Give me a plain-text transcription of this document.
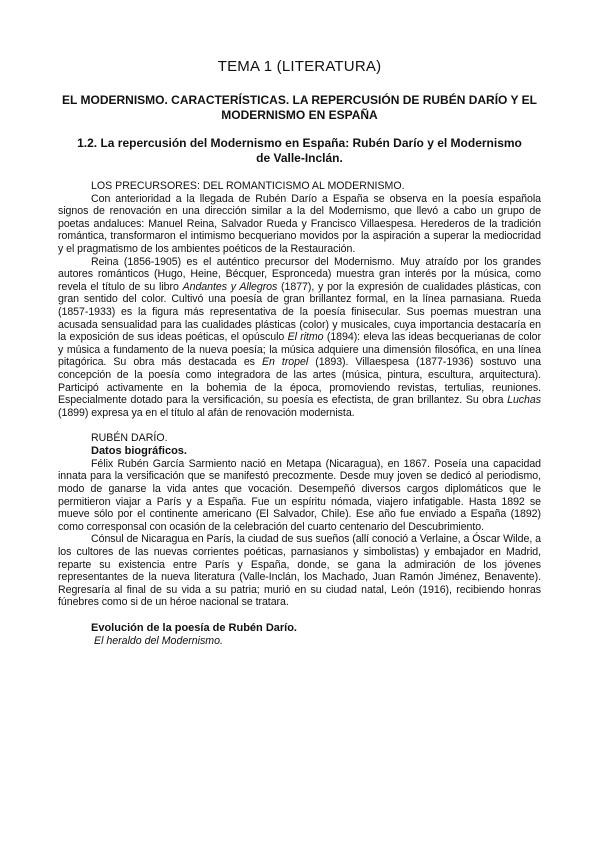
TEMA 1 (LITERATURA)
EL MODERNISMO. CARACTERÍSTICAS. LA REPERCUSIÓN DE RUBÉN DARÍO Y EL MODERNISMO EN ESPAÑA
1.2. La repercusión del Modernismo en España: Rubén Darío y el Modernismo de Valle-Inclán.
LOS PRECURSORES: DEL ROMANTICISMO AL MODERNISMO.

Con anterioridad a la llegada de Rubén Darío a España se observa en la poesía española signos de renovación en una dirección similar a la del Modernismo, que llevó a cabo un grupo de poetas andaluces: Manuel Reina, Salvador Rueda y Francisco Villaespesa. Herederos de la tradición romántica, transformaron el intimismo becqueriano movidos por la aspiración a superar la mediocridad y el pragmatismo de los ambientes poéticos de la Restauración.

Reina (1856-1905) es el auténtico precursor del Modernismo. Muy atraído por los grandes autores románticos (Hugo, Heine, Bécquer, Espronceda) muestra gran interés por la música, como revela el título de su libro Andantes y Allegros (1877), y por la expresión de cualidades plásticas, con gran sentido del color. Cultivó una poesía de gran brillantez formal, en la línea parnasiana. Rueda (1857-1933) es la figura más representativa de la poesía finisecular. Sus poemas muestran una acusada sensualidad para las cualidades plásticas (color) y musicales, cuya importancia destacaría en la exposición de sus ideas poéticas, el opúsculo El ritmo (1894): eleva las ideas becquerianas de color y música a fundamento de la nueva poesía; la música adquiere una dimensión filosófica, en una línea pitagórica. Su obra más destacada es En tropel (1893). Villaespesa (1877-1936) sostuvo una concepción de la poesía como integradora de las artes (música, pintura, escultura, arquitectura). Participó activamente en la bohemia de la época, promoviendo revistas, tertulias, reuniones. Especialmente dotado para la versificación, su poesía es efectista, de gran brillantez. Su obra Luchas (1899) expresa ya en el título al afán de renovación modernista.

RUBÉN DARÍO.
Datos biográficos.

Félix Rubén García Sarmiento nació en Metapa (Nicaragua), en 1867. Poseía una capacidad innata para la versificación que se manifestó precozmente. Desde muy joven se dedicó al periodismo, modo de ganarse la vida antes que vocación. Desempeñó diversos cargos diplomáticos que le permitieron viajar a París y a España. Fue un espíritu nómada, viajero infatigable. Hasta 1892 se mueve sólo por el continente americano (El Salvador, Chile). Ese año fue enviado a España (1892) como corresponsal con ocasión de la celebración del cuarto centenario del Descubrimiento.

Cónsul de Nicaragua en París, la ciudad de sus sueños (allí conoció a Verlaine, a Óscar Wilde, a los cultores de las nuevas corrientes poéticas, parnasianos y simbolistas) y embajador en Madrid, reparte su existencia entre París y España, donde, se gana la admiración de los jóvenes representantes de la nueva literatura (Valle-Inclán, los Machado, Juan Ramón Jiménez, Benavente). Regresaría al final de su vida a su patria; murió en su ciudad natal, León (1916), recibiendo honras fúnebres como si de un héroe nacional se tratara.

Evolución de la poesía de Rubén Darío.
El heraldo del Modernismo.
